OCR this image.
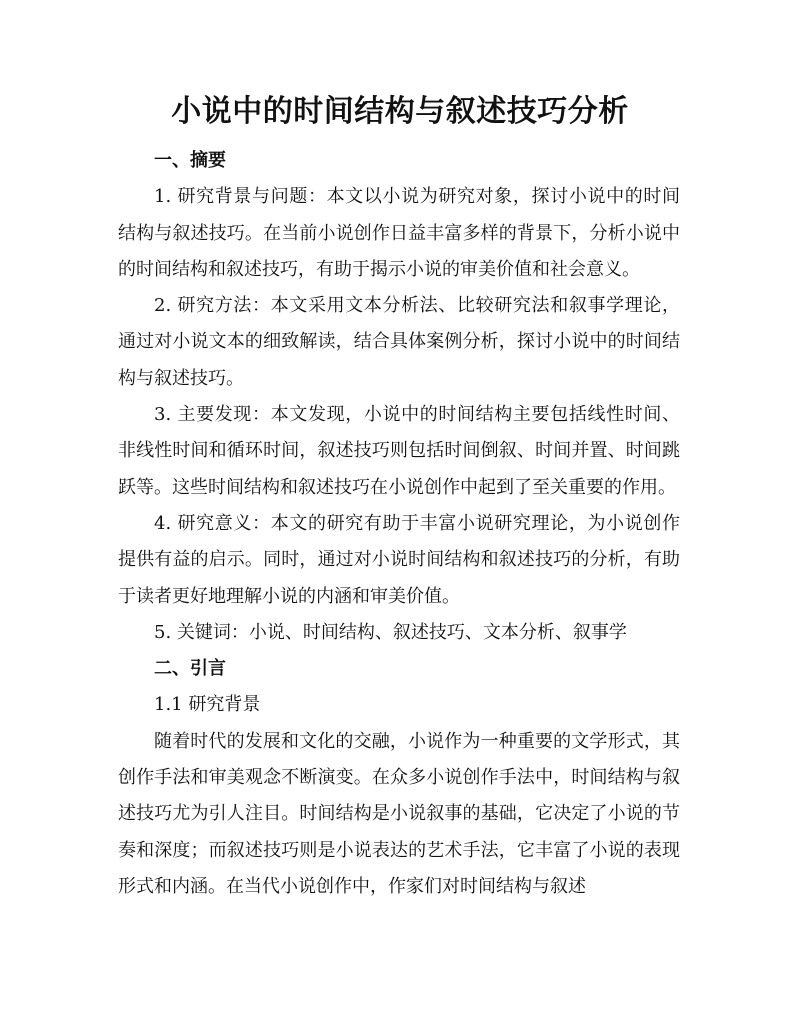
小说中的时间结构与叙述技巧分析

一、摘要

1. 研究背景与问题：本文以小说为研究对象，探讨小说中的时间结构与叙述技巧。在当前小说创作日益丰富多样的背景下，分析小说中的时间结构和叙述技巧，有助于揭示小说的审美价值和社会意义。

2. 研究方法：本文采用文本分析法、比较研究法和叙事学理论，通过对小说文本的细致解读，结合具体案例分析，探讨小说中的时间结构与叙述技巧。

3. 主要发现：本文发现，小说中的时间结构主要包括线性时间、非线性时间和循环时间，叙述技巧则包括时间倒叙、时间并置、时间跳跃等。这些时间结构和叙述技巧在小说创作中起到了至关重要的作用。

4. 研究意义：本文的研究有助于丰富小说研究理论，为小说创作提供有益的启示。同时，通过对小说时间结构和叙述技巧的分析，有助于读者更好地理解小说的内涵和审美价值。

5. 关键词：小说、时间结构、叙述技巧、文本分析、叙事学

二、引言

1.1 研究背景

随着时代的发展和文化的交融，小说作为一种重要的文学形式，其创作手法和审美观念不断演变。在众多小说创作手法中，时间结构与叙述技巧尤为引人注目。时间结构是小说叙事的基础，它决定了小说的节奏和深度；而叙述技巧则是小说表达的艺术手法，它丰富了小说的表现形式和内涵。在当代小说创作中，作家们对时间结构与叙述
